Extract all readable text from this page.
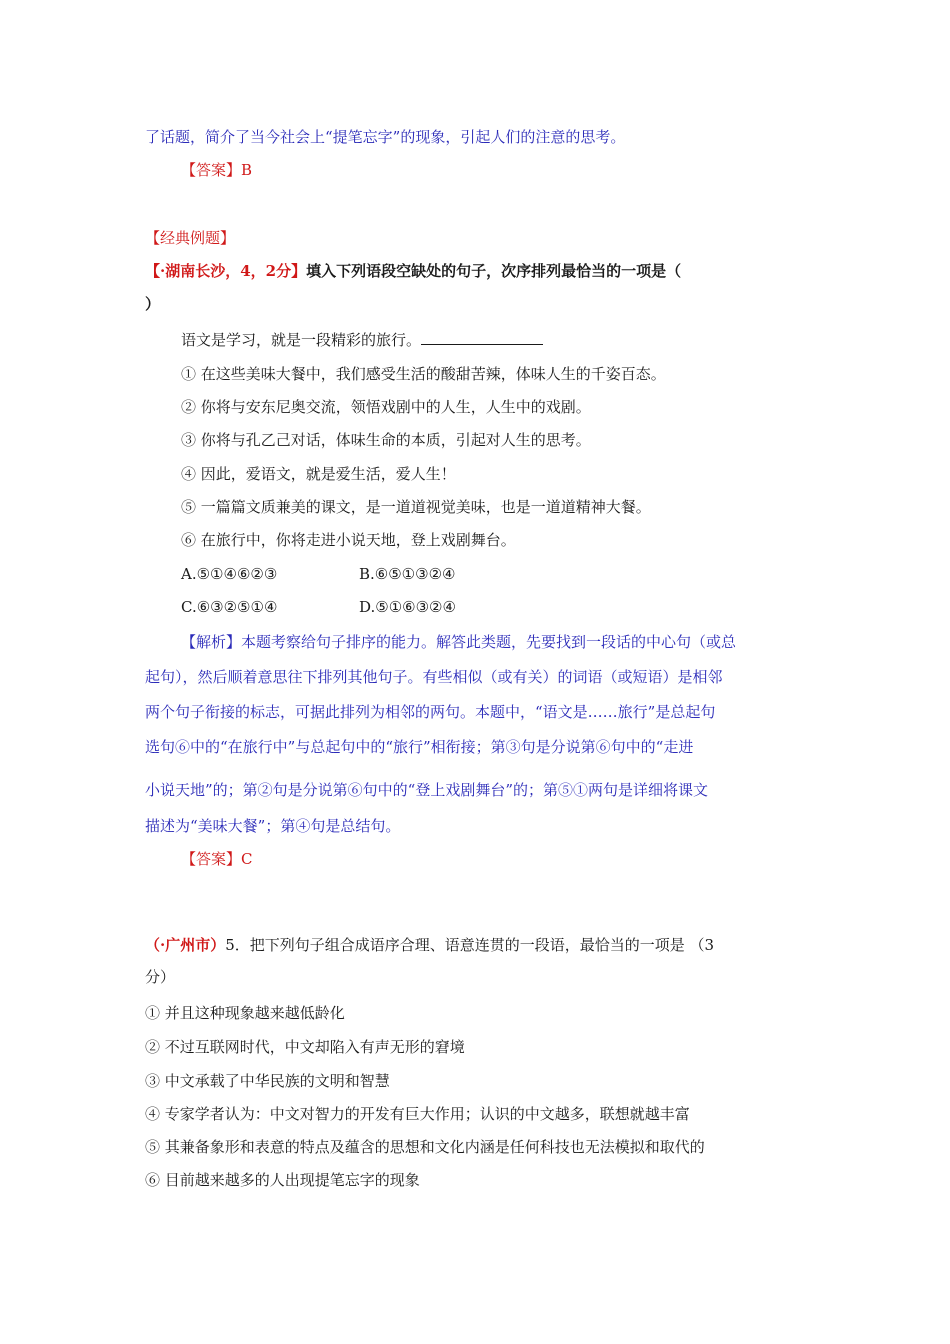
了话题，简介了当今社会上“提笔忘字”的现象，引起人们的注意的思考。
【答案】B
【经典例题】
【·湖南长沙，4，2分】填入下列语段空缺处的句子，次序排列最恰当的一项是（
）
语文是学习，就是一段精彩的旅行。
① 在这些美味大餐中，我们感受生活的酸甜苦辣，体味人生的千姿百态。
② 你将与安东尼奥交流，领悟戏剧中的人生，人生中的戏剧。
③ 你将与孔乙己对话，体味生命的本质，引起对人生的思考。
④ 因此，爱语文，就是爱生活，爱人生！
⑤ 一篇篇文质兼美的课文，是一道道视觉美味，也是一道道精神大餐。
⑥ 在旅行中，你将走进小说天地，登上戏剧舞台。
A.⑤①④⑥②③	B.⑥⑤①③②④
C.⑥③②⑤①④	D.⑤①⑥③②④
【解析】本题考察给句子排序的能力。解答此类题，先要找到一段话的中心句（或总
起句），然后顺着意思往下排列其他句子。有些相似（或有关）的词语（或短语）是相邻
两个句子衔接的标志，可据此排列为相邻的两句。本题中，“语文是……旅行”是总起句
选句⑥中的“在旅行中”与总起句中的“旅行”相衔接；第③句是分说第⑥句中的“走进
小说天地”的；第②句是分说第⑥句中的“登上戏剧舞台”的；第⑤①两句是详细将课文
描述为“美味大餐”；第④句是总结句。
【答案】C
（·广州市）5．把下列句子组合成语序合理、语意连贯的一段语，最恰当的一项是 （3
分）
① 并且这种现象越来越低龄化
② 不过互联网时代，中文却陷入有声无形的窘境
③ 中文承载了中华民族的文明和智慧
④ 专家学者认为：中文对智力的开发有巨大作用；认识的中文越多，联想就越丰富
⑤ 其兼备象形和表意的特点及蕴含的思想和文化内涵是任何科技也无法模拟和取代的
⑥ 目前越来越多的人出现提笔忘字的现象
